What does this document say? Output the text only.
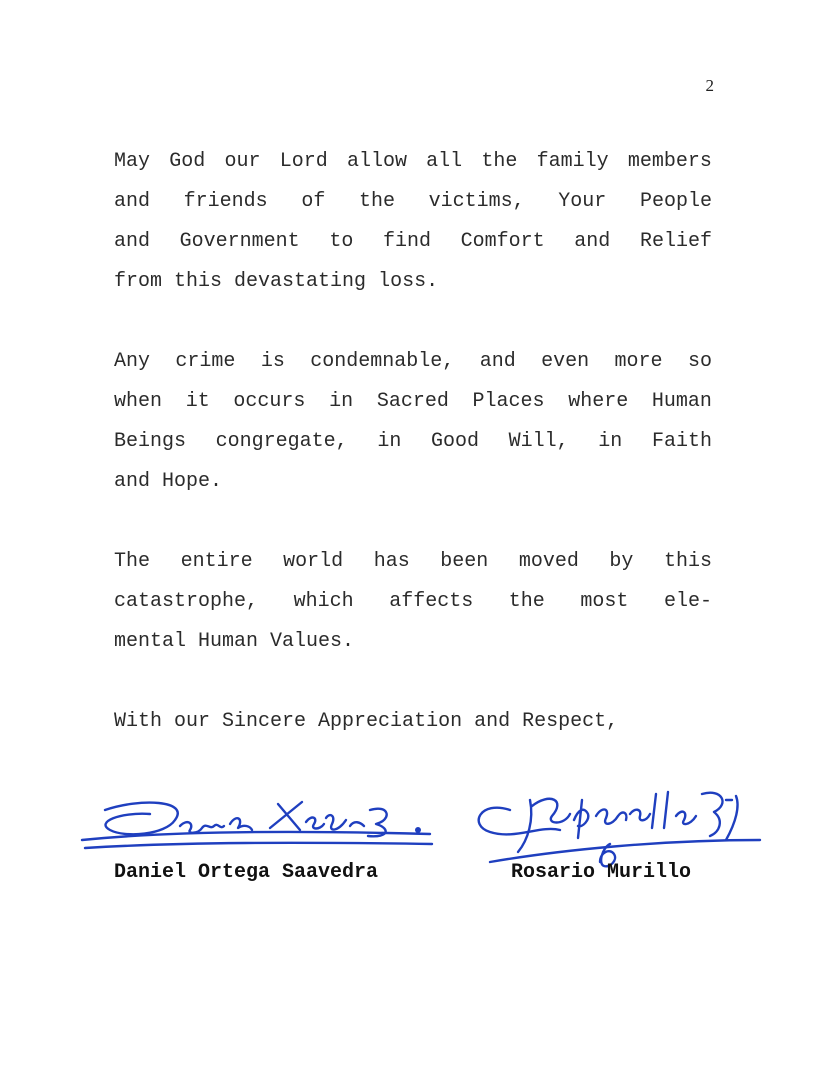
2
May God our Lord allow all the family members
and friends of the victims, Your People
and Government to find Comfort and Relief
from this devastating loss.
Any crime is condemnable, and even more so
when it occurs in Sacred Places where Human
Beings congregate, in Good Will, in Faith
and Hope.
The entire world has been moved by this
catastrophe, which affects the most ele-
mental Human Values.
With our Sincere Appreciation and Respect,
Daniel Ortega Saavedra	Rosario Murillo
